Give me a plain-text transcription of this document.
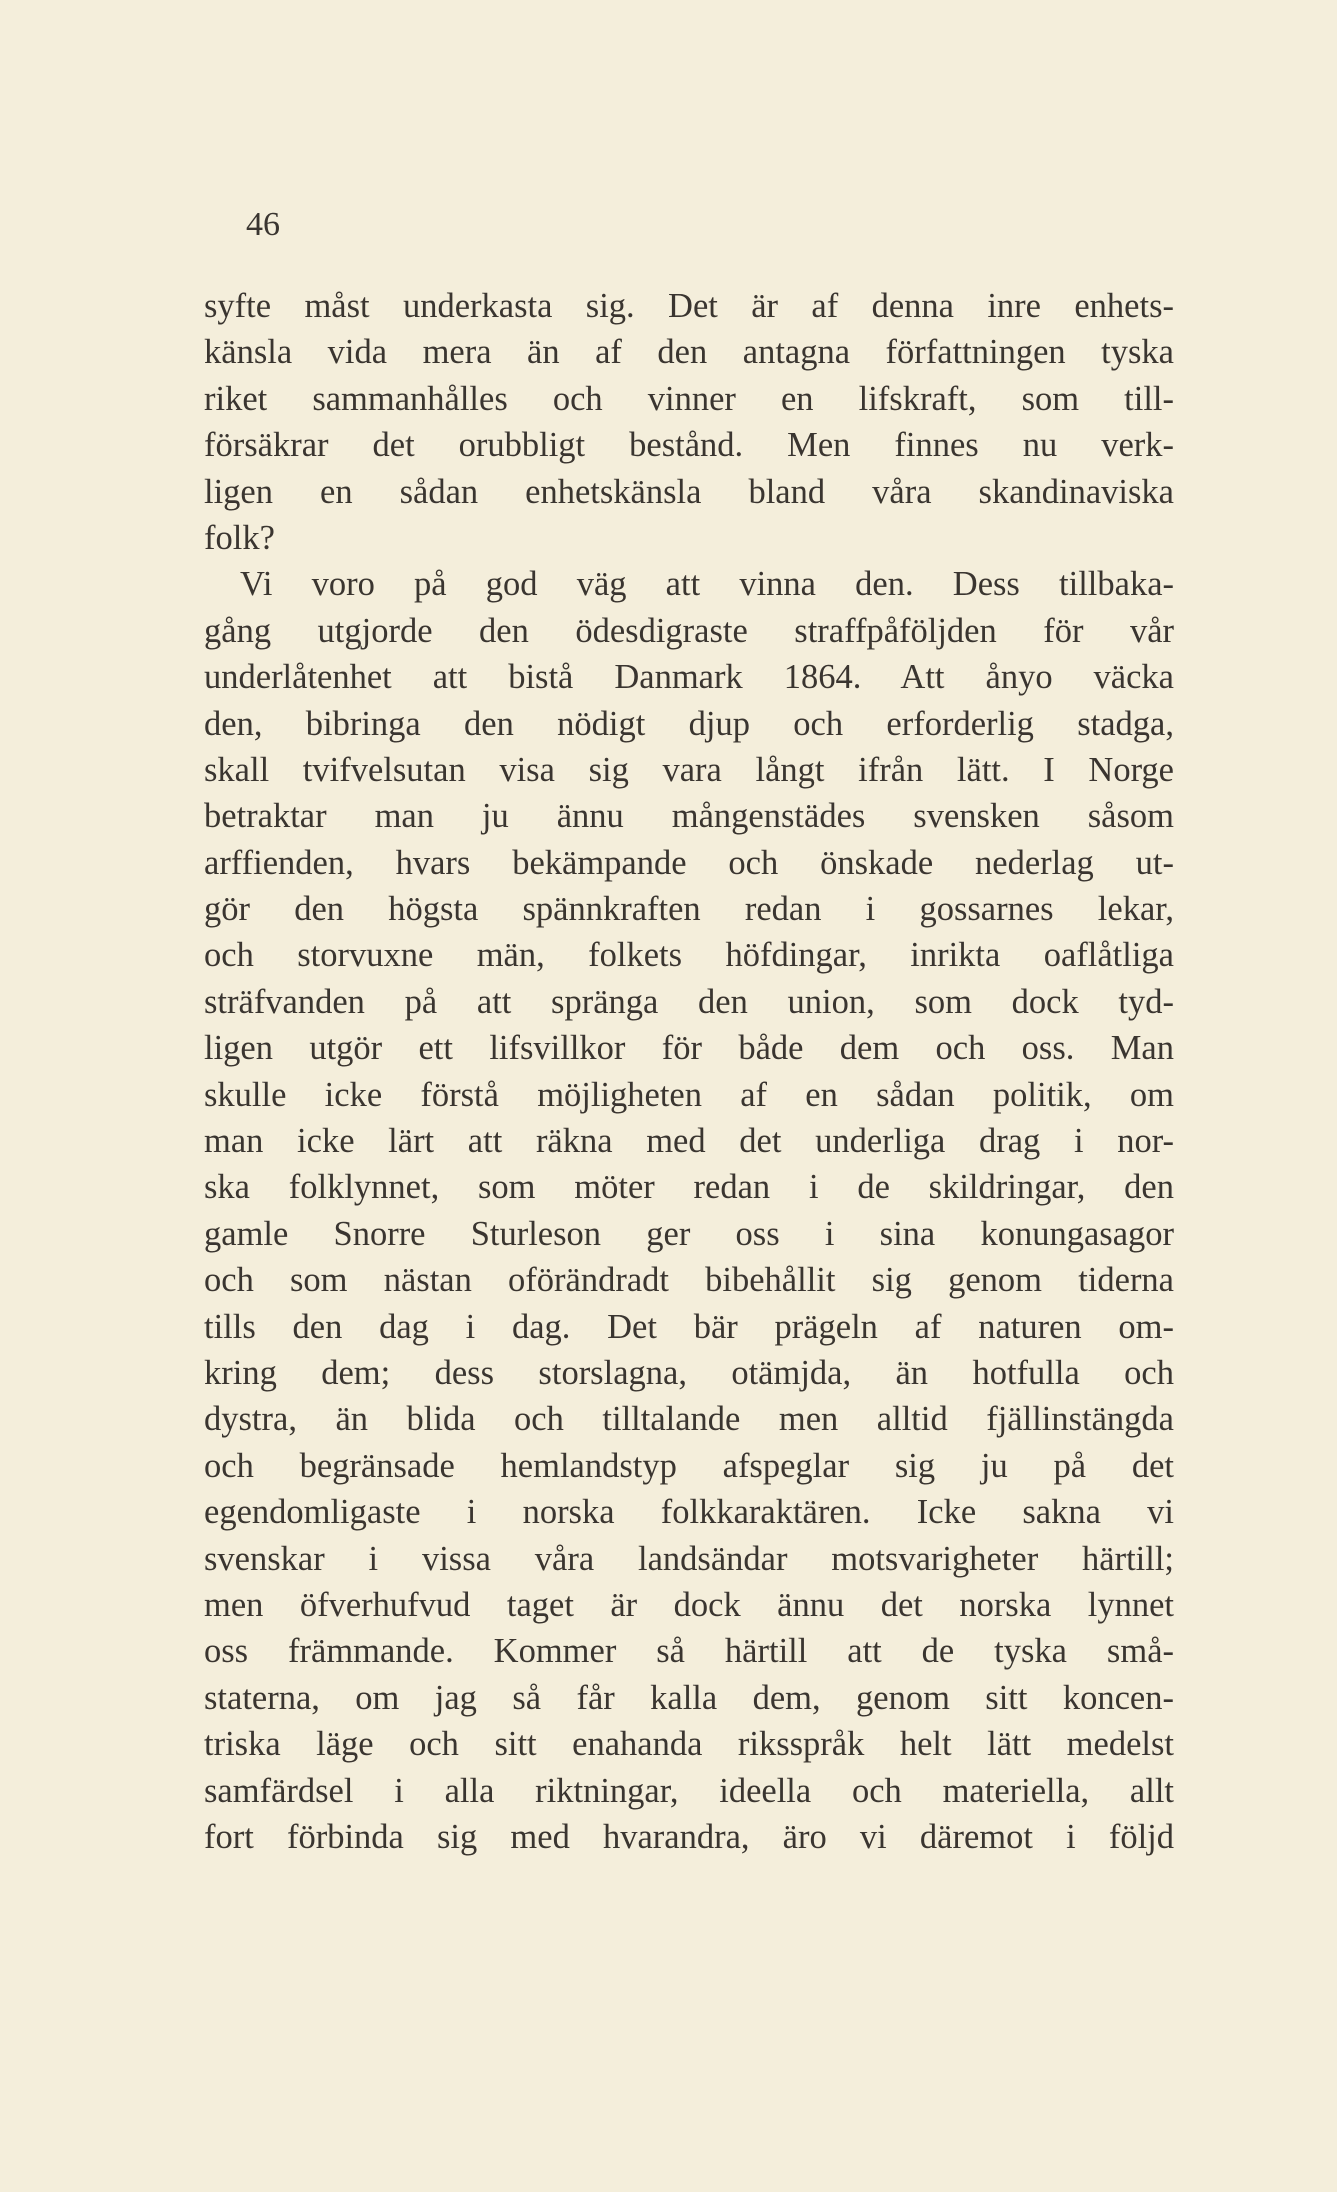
46
syfte måst underkasta sig. Det är af denna inre enhets-
känsla vida mera än af den antagna författningen tyska
riket sammanhålles och vinner en lifskraft, som till-
försäkrar det orubbligt bestånd. Men finnes nu verk-
ligen en sådan enhetskänsla bland våra skandinaviska
folk?
Vi voro på god väg att vinna den. Dess tillbaka-
gång utgjorde den ödesdigraste straffpåföljden för vår
underlåtenhet att bistå Danmark 1864. Att ånyo väcka
den, bibringa den nödigt djup och erforderlig stadga,
skall tvifvelsutan visa sig vara långt ifrån lätt. I Norge
betraktar man ju ännu mångenstädes svensken såsom
arffienden, hvars bekämpande och önskade nederlag ut-
gör den högsta spännkraften redan i gossarnes lekar,
och storvuxne män, folkets höfdingar, inrikta oaflåtliga
sträfvanden på att spränga den union, som dock tyd-
ligen utgör ett lifsvillkor för både dem och oss. Man
skulle icke förstå möjligheten af en sådan politik, om
man icke lärt att räkna med det underliga drag i nor-
ska folklynnet, som möter redan i de skildringar, den
gamle Snorre Sturleson ger oss i sina konungasagor
och som nästan oförändradt bibehållit sig genom tiderna
tills den dag i dag. Det bär prägeln af naturen om-
kring dem; dess storslagna, otämjda, än hotfulla och
dystra, än blida och tilltalande men alltid fjällinstängda
och begränsade hemlandstyp afspeglar sig ju på det
egendomligaste i norska folkkaraktären. Icke sakna vi
svenskar i vissa våra landsändar motsvarigheter härtill;
men öfverhufvud taget är dock ännu det norska lynnet
oss främmande. Kommer så härtill att de tyska små-
staterna, om jag så får kalla dem, genom sitt koncen-
triska läge och sitt enahanda riksspråk helt lätt medelst
samfärdsel i alla riktningar, ideella och materiella, allt
fort förbinda sig med hvarandra, äro vi däremot i följd
